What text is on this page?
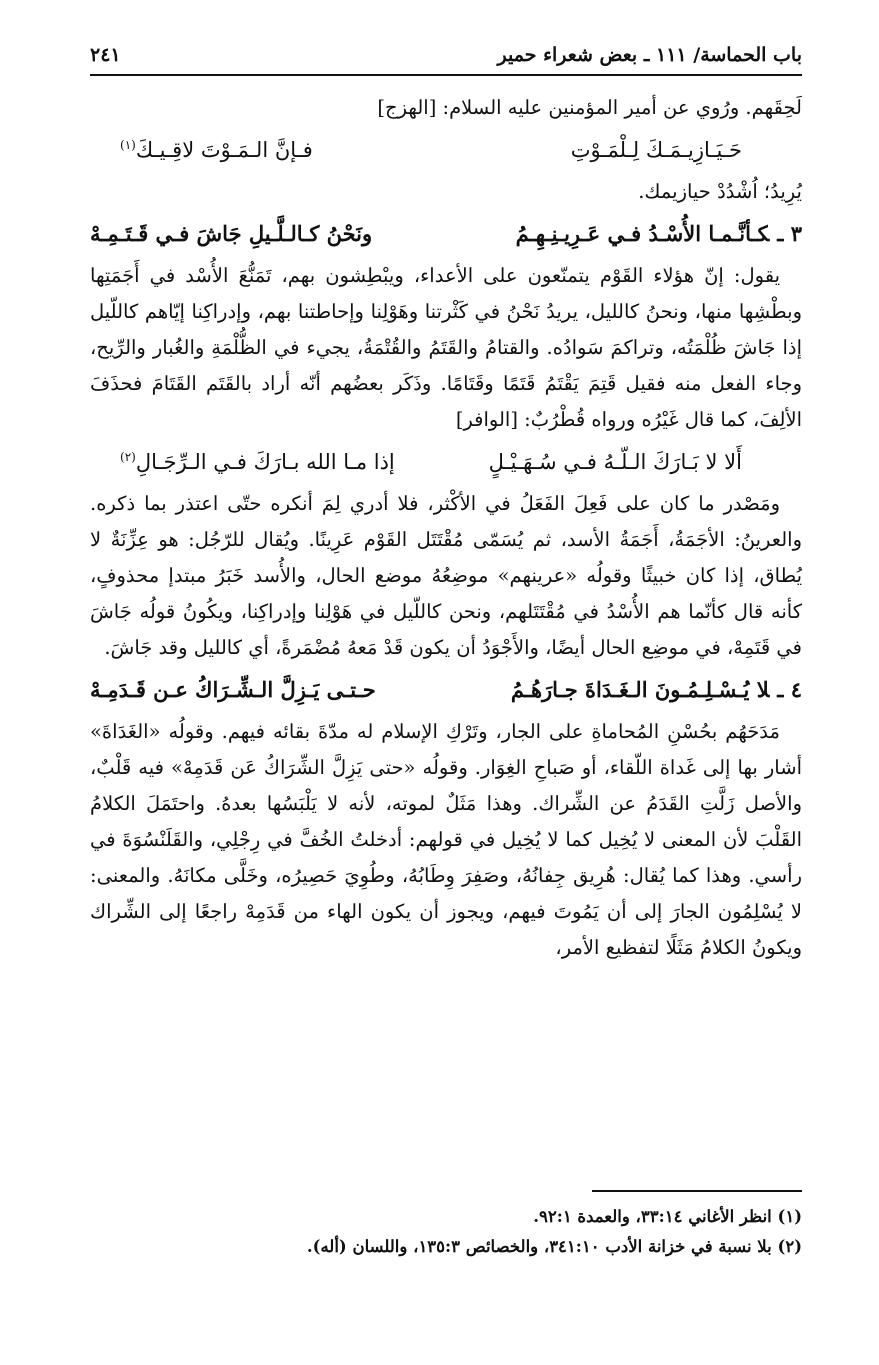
باب الحماسة/ ١١١ ـ بعض شعراء حمير
٢٤١

لَحِقَهم. ورُوي عن أمير المؤمنين عليه السلام: [الهزج]

حَـيَـازِيـمَـكَ لِـلْمَـوْتِ
فـإنَّ الـمَـوْتَ لاقِـيـكَ$^{(١)}$

يُرِيدُ؛ اُشْدُدْ حيازيمك.

٣ ـكـأنَّـمـا الأُسْـدُ فـي عَـرِيـنِـهِـمُ
ونَحْنُ كـالـلَّـيلِ جَاشَ فـي قَـتَـمِـهْ

يقول: إنّ هؤلاء القَوْم يتمنّعون على الأعداء، ويبْطِشون بهم، تَمَنُّعَ الأُسْد في أَجَمَتِها وبطْشِها منها، ونحنُ كالليل، يريدُ نَحْنُ في كَثْرتنا وهَوْلِنا وإحاطتنا بهم، وإدراكِنا إيّاهم كاللّيل إذا جَاشَ ظُلْمَتُه، وتراكمَ سَوادُه. والقتامُ والقَتَمُ والقُتْمَةُ، يجيء في الظُّلْمَةِ والغُبار والرِّيح، وجاء الفعل منه فقيل قَتِمَ يَقْتَمُ قَتَمًا وقَتَامًا. وذَكَر بعضُهم أنّه أراد بالقَتَم القَتَامَ فحذَفَ الألِفَ، كما قال غَيْرُه ورواه قُطْرُبٌ: [الوافر]

أَلا لا بَـارَكَ الـلّـهُ فـي سُـهَـيْـلٍ
إذا مـا الله بـارَكَ فـي الـرِّجَـالِ$^{(٢)}$

ومَصْدر ما كان على فَعِلَ الفَعَلُ في الأكْثر، فلا أدري لِمَ أنكره حتّى اعتذر بما ذكره. والعرينُ: الأجَمَةُ، أَجَمَةُ الأسد، ثم يُسَمّى مُقْتَتَل القَوْم عَرِينًا. ويُقال للرّجُل: هو عِزِّنَةٌ لا يُطاق، إذا كان خبيثًا وقولُه «عرينهم» موضِعُهُ موضع الحال، والأُسد خَبَرُ مبتدإ محذوفٍ، كأنه قال كأنّما هم الأُسْدُ في مُقْتَتَلهم، ونحن كاللّيل في هَوْلِنا وإدراكِنا، ويكُونُ قولُه جَاشَ في قَتَمِهْ، في موضِع الحال أيضًا، والأَجْوَدُ أن يكون قَدْ مَعهُ مُضْمَرةً، أي كالليل وقد جَاشَ.

٤ ـلا يُـسْـلِـمُـونَ الـغَـدَاةَ جـارَهُـمُ
حـتـى يَـزِلَّ الـشِّـرَاكُ عـن قَـدَمِـهْ

مَدَحَهُم بحُسْنِ المُحاماةِ على الجار، وتَرْكِ الإسلام له مدّةَ بقائه فيهم. وقولُه «الغَدَاةَ» أشار بها إلى غَداة اللّقاء، أو صَباحِ الغِوَار. وقولُه «حتى يَزِلَّ الشِّرَاكُ عَن قَدَمِهْ» فيه قَلْبٌ، والأصل زَلَّتِ القَدَمُ عن الشِّراك. وهذا مَثَلٌ لموته، لأنه لا يَلْبَسُها بعدهُ. واحتَمَلَ الكلامُ القَلْبَ لأن المعنى لا يُخِيل كما لا يُخِيل في قولهم: أدخلتُ الخُفَّ في رِجْلِي، والقَلَنْسُوَةَ في رأسي. وهذا كما يُقال: هُرِيق جِفانُهُ، وصَفِرَ وِطَابُهُ، وطُوِيَ حَصِيرُه، وخَلَّى مكانَهُ. والمعنى: لا يُسْلِمُون الجارَ إلى أن يَمُوتَ فيهم، ويجوز أن يكون الهاء من قَدَمِهْ راجعًا إلى الشِّراك ويكونُ الكلامُ مَثَلًا لتفظيع الأمر،

(١) انظر الأغاني ١٤:‏٣٣، والعمدة ١:‏٩٢.

(٢) بلا نسبة في خزانة الأدب ١٠:‏٣٤١، والخصائص ٣:‏١٣٥، واللسان (أله).
